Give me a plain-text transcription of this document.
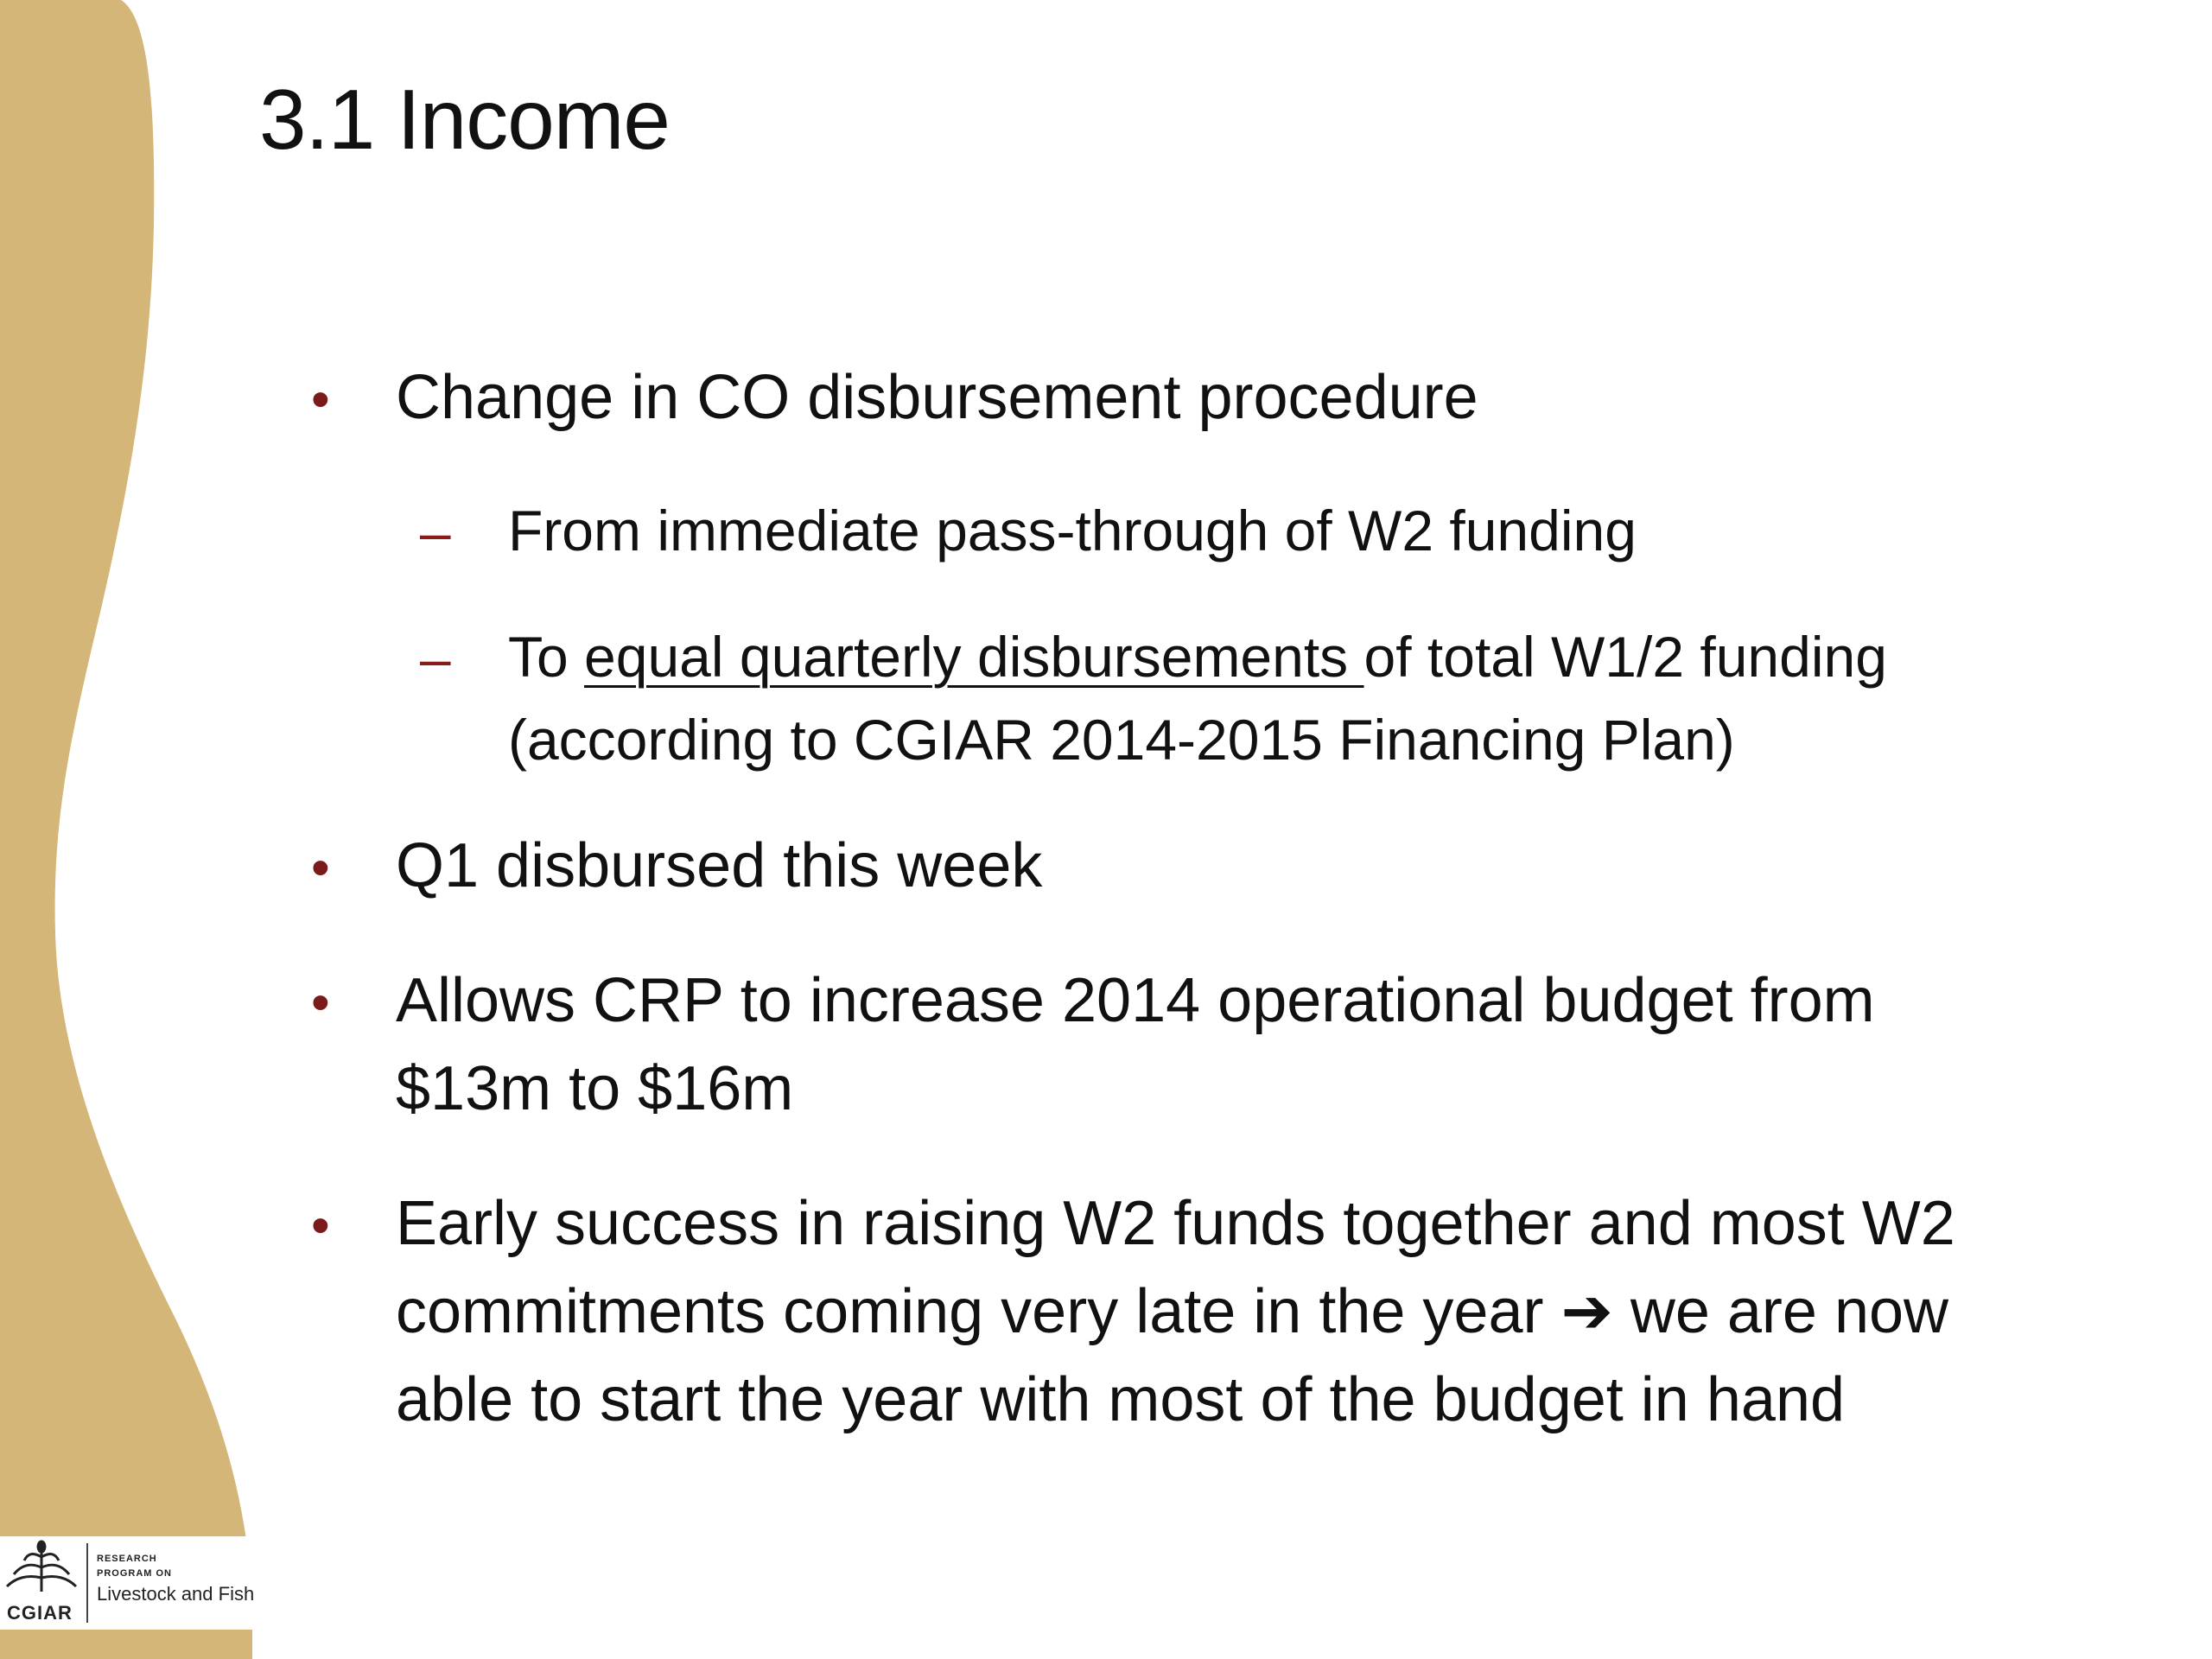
3.1 Income
• Change in CO disbursement procedure
– From immediate pass-through of W2 funding
– To equal quarterly disbursements of total W1/2 funding
(according to CGIAR 2014-2015 Financing Plan)
• Q1 disbursed this week
• Allows CRP to increase 2014 operational budget from
$13m to $16m
• Early success in raising W2 funds together and most W2
commitments coming very late in the year ➔ we are now
able to start the year with most of the budget in hand
CGIAR
RESEARCH
PROGRAM ON
Livestock and Fish
